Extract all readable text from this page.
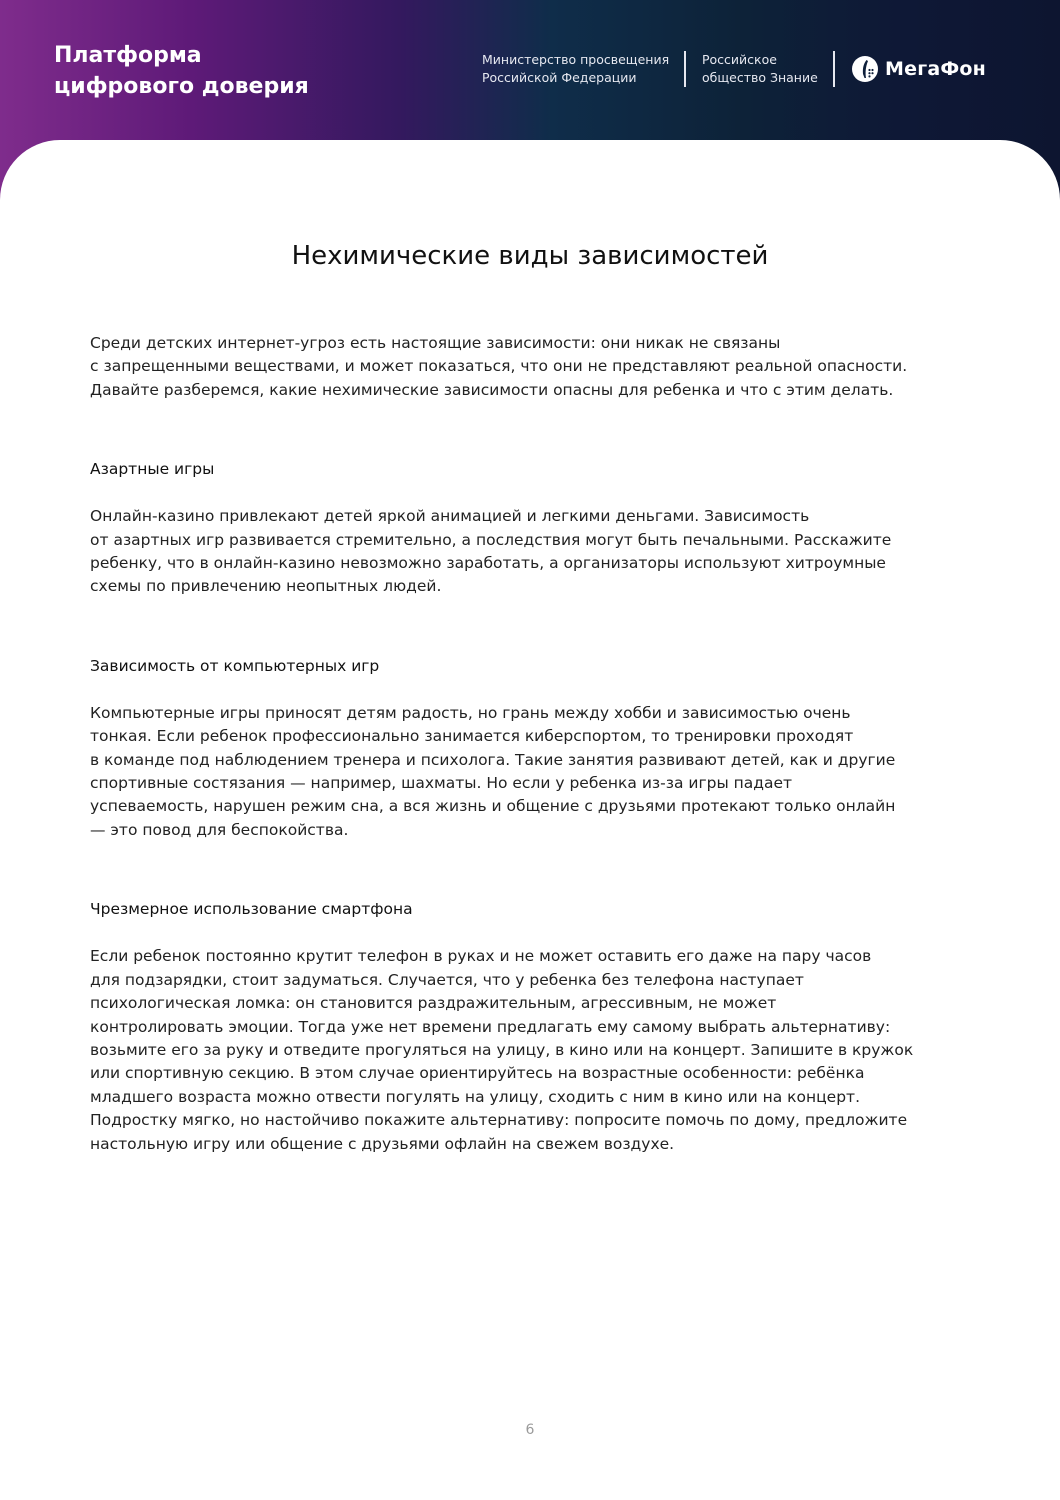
Платформа
цифрового доверия
Министерство просвещения
Российской Федерации
Российское
общество Знание	МегаФон
Нехимические виды зависимостей
Среди детских интернет-угроз есть настоящие зависимости: они никак не связаны
с запрещенными веществами, и может показаться, что они не представляют реальной опасности.
Давайте разберемся, какие нехимические зависимости опасны для ребенка и что с этим делать.
Азартные игры
Онлайн-казино привлекают детей яркой анимацией и легкими деньгами. Зависимость
от азартных игр развивается стремительно, а последствия могут быть печальными. Расскажите
ребенку, что в онлайн-казино невозможно заработать, а организаторы используют хитроумные
схемы по привлечению неопытных людей.
Зависимость от компьютерных игр
Компьютерные игры приносят детям радость, но грань между хобби и зависимостью очень
тонкая. Если ребенок профессионально занимается киберспортом, то тренировки проходят
в команде под наблюдением тренера и психолога. Такие занятия развивают детей, как и другие
спортивные состязания — например, шахматы. Но если у ребенка из-за игры падает
успеваемость, нарушен режим сна, а вся жизнь и общение с друзьями протекают только онлайн
— это повод для беспокойства.
Чрезмерное использование смартфона
Если ребенок постоянно крутит телефон в руках и не может оставить его даже на пару часов
для подзарядки, стоит задуматься. Случается, что у ребенка без телефона наступает
психологическая ломка: он становится раздражительным, агрессивным, не может
контролировать эмоции. Тогда уже нет времени предлагать ему самому выбрать альтернативу:
возьмите его за руку и отведите прогуляться на улицу, в кино или на концерт. Запишите в кружок
или спортивную секцию. В этом случае ориентируйтесь на возрастные особенности: ребёнка
младшего возраста можно отвести погулять на улицу, сходить с ним в кино или на концерт.
Подростку мягко, но настойчиво покажите альтернативу: попросите помочь по дому, предложите
настольную игру или общение с друзьями офлайн на свежем воздухе.
6
